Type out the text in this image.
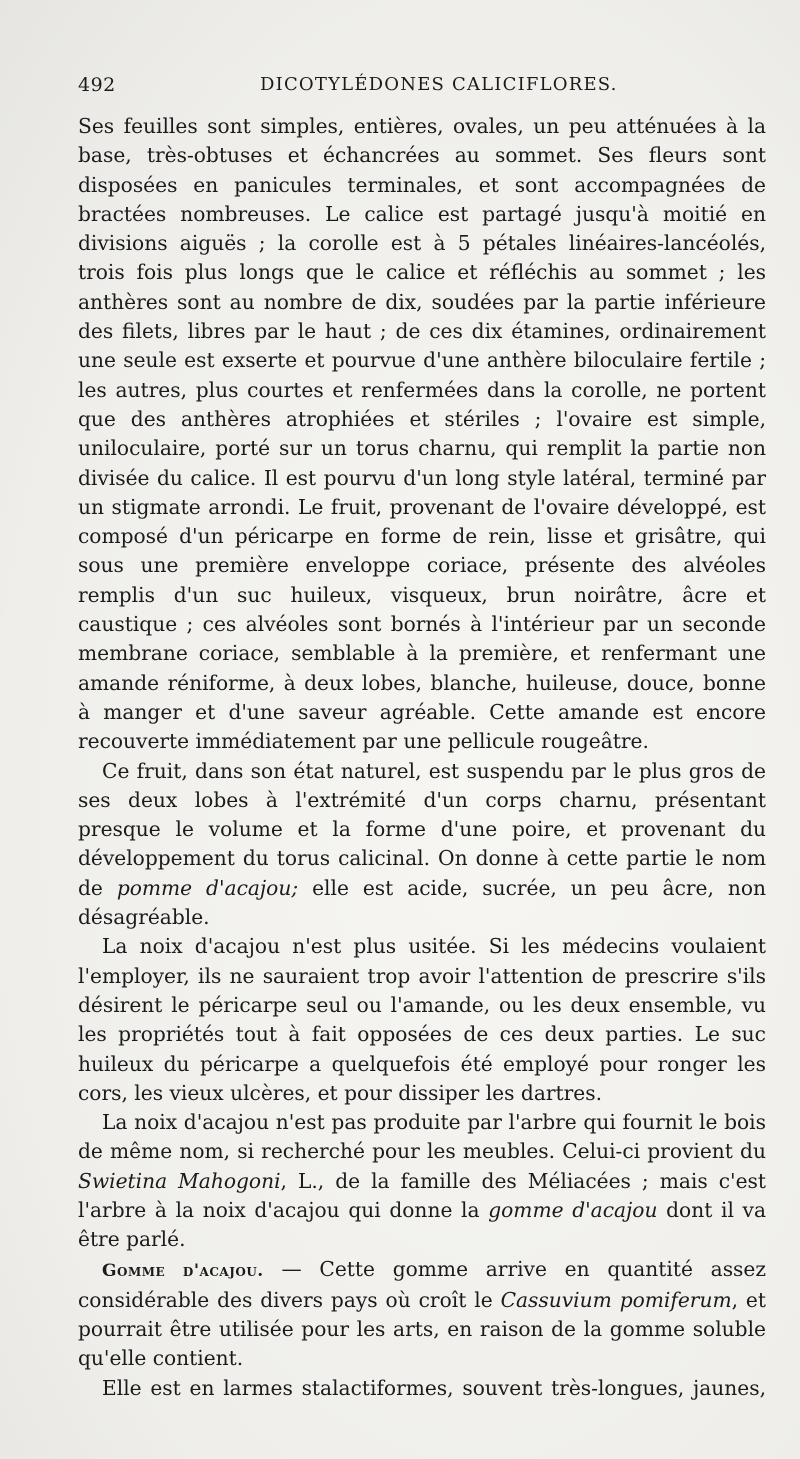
492	DICOTYLÉDONES CALICIFLORES.

Ses feuilles sont simples, entières, ovales, un peu atténuées à la base, très-obtuses et échancrées au sommet. Ses fleurs sont disposées en panicules terminales, et sont accompagnées de bractées nombreuses. Le calice est partagé jusqu'à moitié en divisions aiguës ; la corolle est à 5 pétales linéaires-lancéolés, trois fois plus longs que le calice et réfléchis au sommet ; les anthères sont au nombre de dix, soudées par la partie inférieure des filets, libres par le haut ; de ces dix étamines, ordinairement une seule est exserte et pourvue d'une anthère biloculaire fertile ; les autres, plus courtes et renfermées dans la corolle, ne portent que des anthères atrophiées et stériles ; l'ovaire est simple, uniloculaire, porté sur un torus charnu, qui remplit la partie non divisée du calice. Il est pourvu d'un long style latéral, terminé par un stigmate arrondi. Le fruit, provenant de l'ovaire développé, est composé d'un péricarpe en forme de rein, lisse et grisâtre, qui sous une première enveloppe coriace, présente des alvéoles remplis d'un suc huileux, visqueux, brun noirâtre, âcre et caustique ; ces alvéoles sont bornés à l'intérieur par un seconde membrane coriace, semblable à la première, et renfermant une amande réniforme, à deux lobes, blanche, huileuse, douce, bonne à manger et d'une saveur agréable. Cette amande est encore recouverte immédiatement par une pellicule rougeâtre.

Ce fruit, dans son état naturel, est suspendu par le plus gros de ses deux lobes à l'extrémité d'un corps charnu, présentant presque le volume et la forme d'une poire, et provenant du développement du torus calicinal. On donne à cette partie le nom de pomme d'acajou; elle est acide, sucrée, un peu âcre, non désagréable.

La noix d'acajou n'est plus usitée. Si les médecins voulaient l'employer, ils ne sauraient trop avoir l'attention de prescrire s'ils désirent le péricarpe seul ou l'amande, ou les deux ensemble, vu les propriétés tout à fait opposées de ces deux parties. Le suc huileux du péricarpe a quelquefois été employé pour ronger les cors, les vieux ulcères, et pour dissiper les dartres.

La noix d'acajou n'est pas produite par l'arbre qui fournit le bois de même nom, si recherché pour les meubles. Celui-ci provient du Swietina Mahogoni, L., de la famille des Méliacées ; mais c'est l'arbre à la noix d'acajou qui donne la gomme d'acajou dont il va être parlé.

Gomme d'acajou. — Cette gomme arrive en quantité assez considérable des divers pays où croît le Cassuvium pomiferum, et pourrait être utilisée pour les arts, en raison de la gomme soluble qu'elle contient.

Elle est en larmes stalactiformes, souvent très-longues, jaunes,
